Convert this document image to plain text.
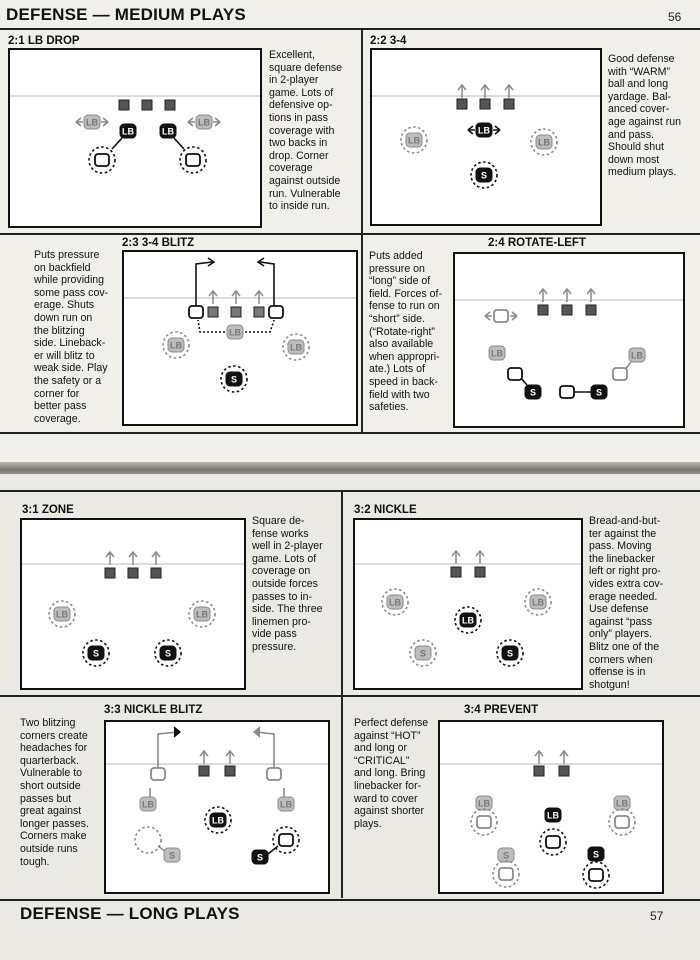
DEFENSE — MEDIUM PLAYS	56
2:1 LB DROP
LB	LB
LB	LB
Excellent,
square defense
in 2-player
game. Lots of
defensive op-
tions in pass
coverage with
two backs in
drop. Corner
coverage
against outside
run. Vulnerable
to inside run.
2:2 3-4
LB	LB
LB
S
Good defense
with “WARM”
ball and long
yardage. Bal-
anced cover-
age against run
and pass.
Should shut
down most
medium plays.
2:3 3-4 BLITZ
Puts pressure
on backfield
while providing
some pass cov-
erage. Shuts
down run on
the blitzing
side. Lineback-
er will blitz to
weak side. Play
the safety or a
corner for
better pass
coverage.
LB
LB	LB
S
2:4 ROTATE-LEFT
Puts added
pressure on
“long” side of
field. Forces of-
fense to run on
“short” side.
(“Rotate-right”
also available
when appropri-
ate.) Lots of
speed in back-
field with two
safeties.
LB	LB
S	S
3:1 ZONE
LB	LB
S	S
Square de-
fense works
well in 2-player
game. Lots of
coverage on
outside forces
passes to in-
side. The three
linemen pro-
vide pass
pressure.
3:2 NICKLE
LB	LB
LB
S	S
Bread-and-but-
ter against the
pass. Moving
the linebacker
left or right pro-
vides extra cov-
erage needed.
Use defense
against “pass
only” players.
Blitz one of the
corners when
offense is in
shotgun!
3:3 NICKLE BLITZ
Two blitzing
corners create
headaches for
quarterback.
Vulnerable to
short outside
passes but
great against
longer passes.
Corners make
outside runs
tough.
LB	LB
LB
S	S
3:4 PREVENT
Perfect defense
against “HOT”
and long or
“CRITICAL”
and long. Bring
linebacker for-
ward to cover
against shorter
plays.
LB	LB
LB
S	S
DEFENSE — LONG PLAYS	57
